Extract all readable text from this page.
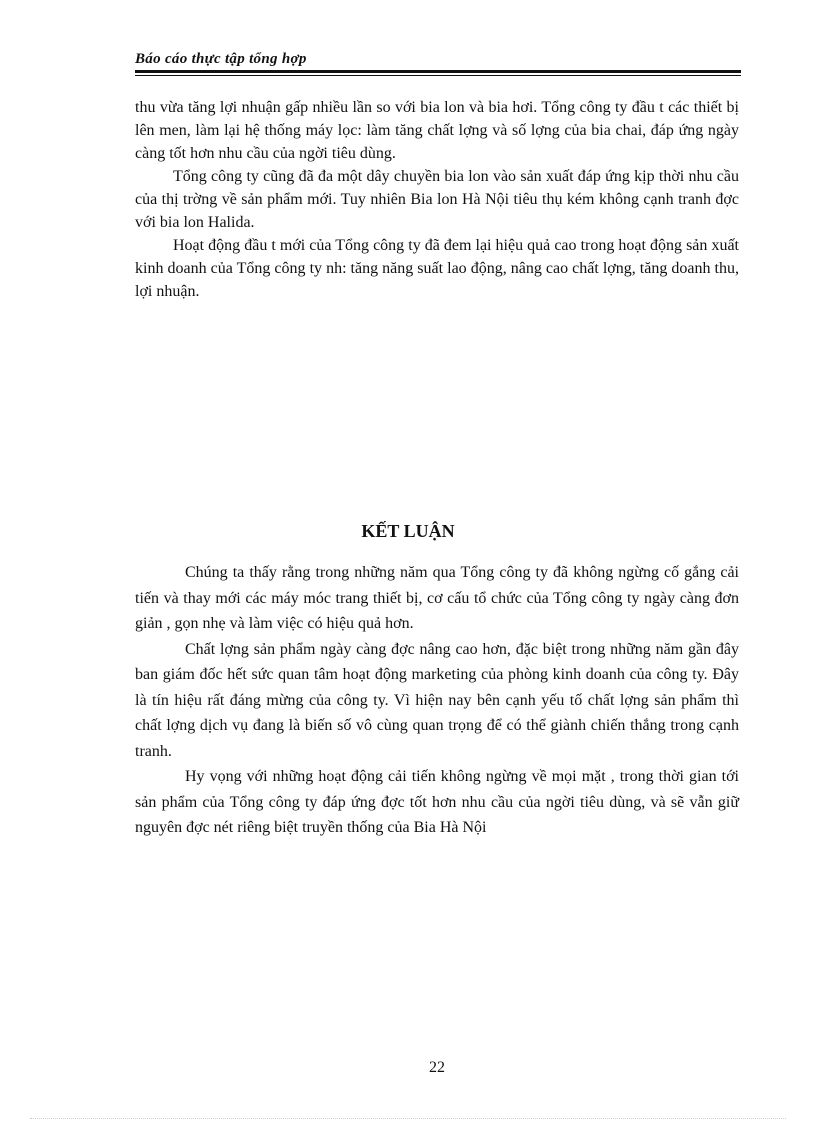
Báo cáo thực tập tổng hợp

thu vừa tăng lợi nhuận gấp nhiều lần so với bia lon và bia hơi. Tổng công ty đầu t các thiết bị lên men, làm lại hệ thống máy lọc: làm tăng chất lợng và số lợng của bia chai, đáp ứng ngày càng tốt hơn nhu cầu của ngời tiêu dùng.

Tổng công ty cũng đã đa một dây chuyền bia lon vào sản xuất đáp ứng kịp thời nhu cầu của thị trờng về sản phẩm mới. Tuy nhiên Bia lon Hà Nội tiêu thụ kém không cạnh tranh đợc với bia lon Halida.

Hoạt động đầu t mới của Tổng công ty đã đem lại hiệu quả cao trong hoạt động sản xuất kinh doanh của Tổng công ty nh: tăng năng suất lao động, nâng cao chất lợng, tăng doanh thu, lợi nhuận.

KẾT LUẬN

Chúng ta thấy rằng trong những năm qua Tổng công ty đã không ngừng cố gắng cải tiến và thay mới các máy móc trang thiết bị, cơ cấu tổ chức của Tổng công ty ngày càng đơn giản , gọn nhẹ và làm việc có hiệu quả hơn.

Chất lợng sản phẩm ngày càng đợc nâng cao hơn, đặc biệt trong những năm gần đây ban giám đốc hết sức quan tâm hoạt động marketing của phòng kinh doanh của công ty. Đây là tín hiệu rất đáng mừng của công ty. Vì hiện nay bên cạnh yếu tố chất lợng sản phẩm thì chất lợng dịch vụ đang là biến số vô cùng quan trọng để có thể giành chiến thắng trong cạnh tranh.

Hy vọng với những hoạt động cải tiến không ngừng về mọi mặt , trong thời gian tới sản phẩm của Tổng công ty đáp ứng đợc tốt hơn nhu cầu của ngời tiêu dùng, và sẽ vẫn giữ nguyên đợc nét riêng biệt truyền thống của Bia Hà Nội

22
